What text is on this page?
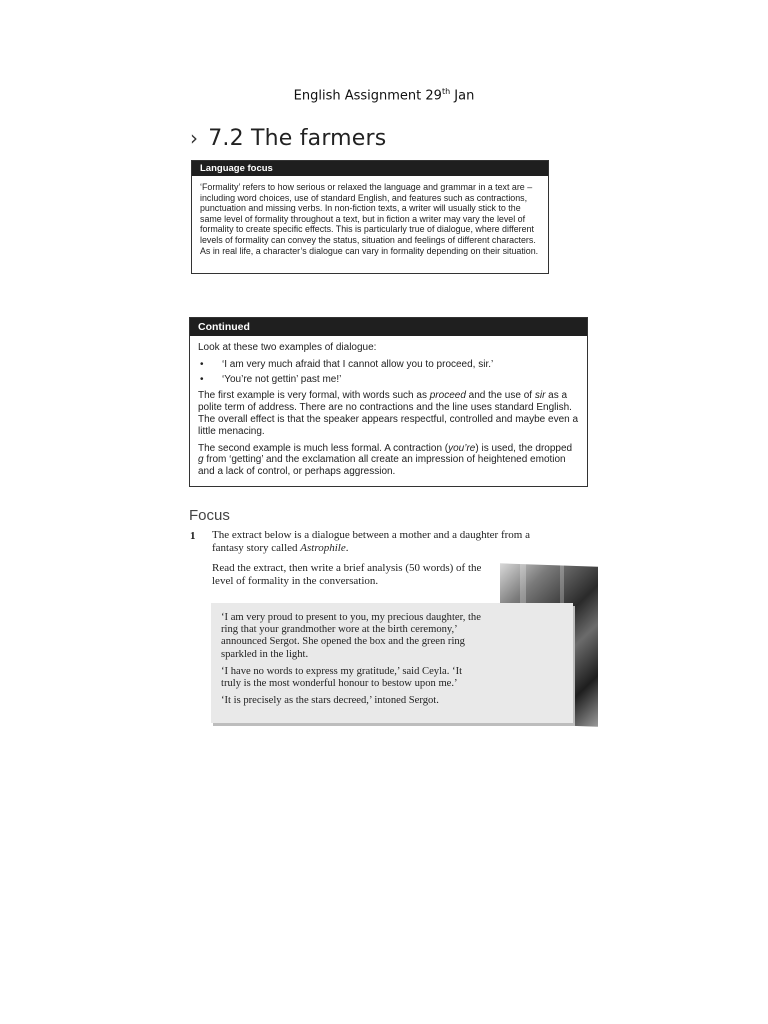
English Assignment 29th Jan
› 7.2 The farmers
Language focus
‘Formality’ refers to how serious or relaxed the language and grammar in a text are – including word choices, use of standard English, and features such as contractions, punctuation and missing verbs. In non-fiction texts, a writer will usually stick to the same level of formality throughout a text, but in fiction a writer may vary the level of formality to create specific effects. This is particularly true of dialogue, where different levels of formality can convey the status, situation and feelings of different characters. As in real life, a character’s dialogue can vary in formality depending on their situation.
Continued

Look at these two examples of dialogue:

• ‘I am very much afraid that I cannot allow you to proceed, sir.’
• ‘You’re not gettin’ past me!’

The first example is very formal, with words such as proceed and the use of sir as a polite term of address. There are no contractions and the line uses standard English. The overall effect is that the speaker appears respectful, controlled and maybe even a little menacing.

The second example is much less formal. A contraction (you’re) is used, the dropped g from ‘getting’ and the exclamation all create an impression of heightened emotion and a lack of control, or perhaps aggression.

Focus
1 The extract below is a dialogue between a mother and a daughter from a fantasy story called Astrophile.
Read the extract, then write a brief analysis (50 words) of the level of formality in the conversation.

‘I am very proud to present to you, my precious daughter, the ring that your grandmother wore at the birth ceremony,’ announced Sergot. She opened the box and the green ring sparkled in the light.

‘I have no words to express my gratitude,’ said Ceyla. ‘It truly is the most wonderful honour to bestow upon me.’

‘It is precisely as the stars decreed,’ intoned Sergot.
